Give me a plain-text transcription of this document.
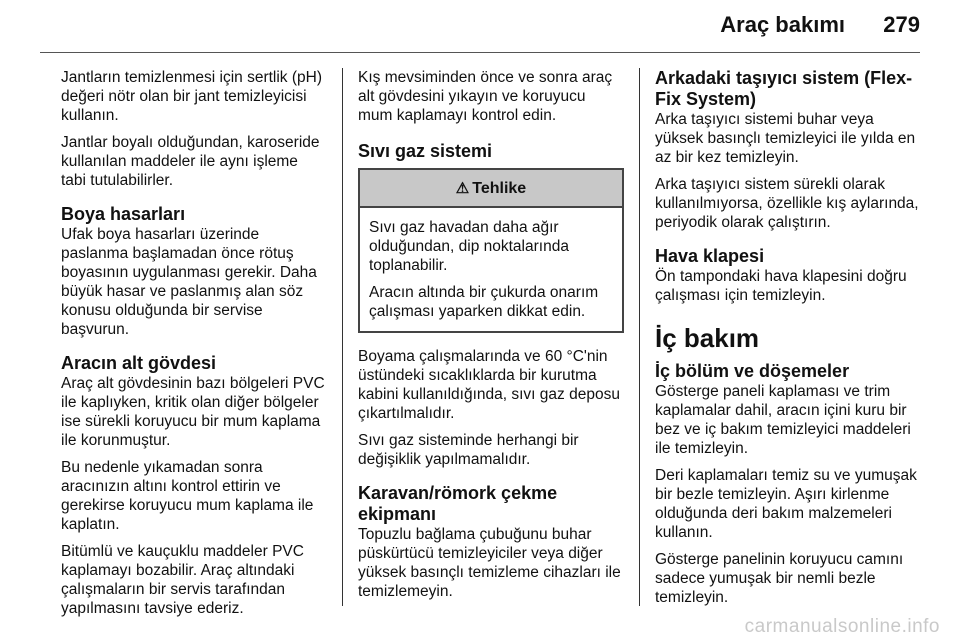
Araç bakımı 279

Jantların temizlenmesi için sertlik (pH) değeri nötr olan bir jant temizleyicisi kullanın.

Jantlar boyalı olduğundan, karoseride kullanılan maddeler ile aynı işleme tabi tutulabilirler.

Boya hasarları

Ufak boya hasarları üzerinde paslanma başlamadan önce rötuş boyasının uygulanması gerekir. Daha büyük hasar ve paslanmış alan söz konusu olduğunda bir servise başvurun.

Aracın alt gövdesi

Araç alt gövdesinin bazı bölgeleri PVC ile kaplıyken, kritik olan diğer bölgeler ise sürekli koruyucu bir mum kaplama ile korunmuştur.

Bu nedenle yıkamadan sonra aracınızın altını kontrol ettirin ve gerekirse koruyucu mum kaplama ile kaplatın.

Bitümlü ve kauçuklu maddeler PVC kaplamayı bozabilir. Araç altındaki çalışmaların bir servis tarafından yapılmasını tavsiye ederiz.

Kış mevsiminden önce ve sonra araç alt gövdesini yıkayın ve koruyucu mum kaplamayı kontrol edin.

Sıvı gaz sistemi
⚠ Tehlike

Sıvı gaz havadan daha ağır olduğundan, dip noktalarında toplanabilir.

Aracın altında bir çukurda onarım çalışması yaparken dikkat edin.

Boyama çalışmalarında ve 60 °C'nin üstündeki sıcaklıklarda bir kurutma kabini kullanıldığında, sıvı gaz deposu çıkartılmalıdır.

Sıvı gaz sisteminde herhangi bir değişiklik yapılmamalıdır.

Karavan/römork çekme ekipmanı

Topuzlu bağlama çubuğunu buhar püskürtücü temizleyiciler veya diğer yüksek basınçlı temizleme cihazları ile temizlemeyin.

Arkadaki taşıyıcı sistem (Flex-Fix System)

Arka taşıyıcı sistemi buhar veya yüksek basınçlı temizleyici ile yılda en az bir kez temizleyin.

Arka taşıyıcı sistem sürekli olarak kullanılmıyorsa, özellikle kış aylarında, periyodik olarak çalıştırın.

Hava klapesi

Ön tampondaki hava klapesini doğru çalışması için temizleyin.

İç bakım
İç bölüm ve döşemeler

Gösterge paneli kaplaması ve trim kaplamalar dahil, aracın içini kuru bir bez ve iç bakım temizleyici maddeleri ile temizleyin.

Deri kaplamaları temiz su ve yumuşak bir bezle temizleyin. Aşırı kirlenme olduğunda deri bakım malzemeleri kullanın.

Gösterge panelinin koruyucu camını sadece yumuşak bir nemli bezle temizleyin.

carmanualsonline.info
